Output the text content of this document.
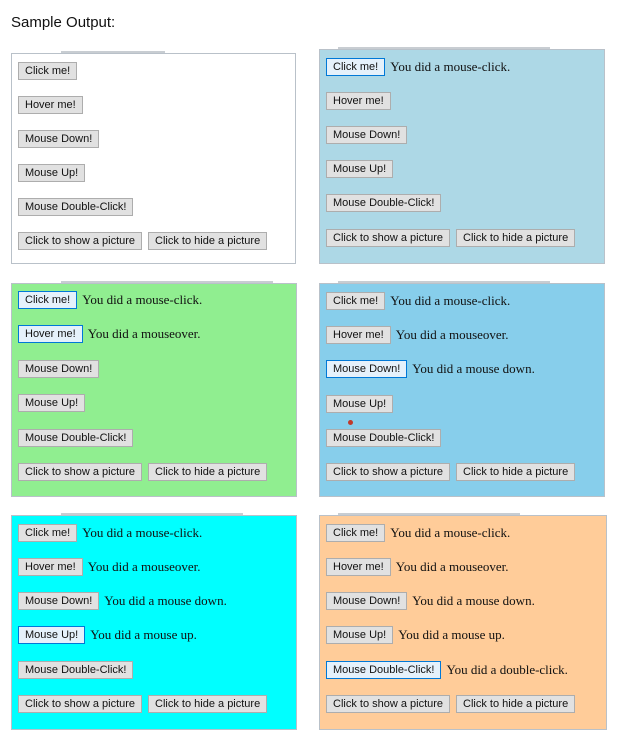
Sample Output:
Click me!
Hover me!
Mouse Down!
Mouse Up!
Mouse Double-Click!
Click to show a picture	Click to hide a picture
Click me! You did a mouse-click.
Hover me!
Mouse Down!
Mouse Up!
Mouse Double-Click!
Click to show a picture	Click to hide a picture
Click me! You did a mouse-click.
Hover me! You did a mouseover.
Mouse Down!
Mouse Up!
Mouse Double-Click!
Click to show a picture	Click to hide a picture
Click me! You did a mouse-click.
Hover me! You did a mouseover.
Mouse Down! You did a mouse down.
Mouse Up!
Mouse Double-Click!
Click to show a picture	Click to hide a picture
Click me! You did a mouse-click.
Hover me! You did a mouseover.
Mouse Down! You did a mouse down.
Mouse Up! You did a mouse up.
Mouse Double-Click!
Click to show a picture	Click to hide a picture
Click me! You did a mouse-click.
Hover me! You did a mouseover.
Mouse Down! You did a mouse down.
Mouse Up! You did a mouse up.
Mouse Double-Click! You did a double-click.
Click to show a picture	Click to hide a picture
